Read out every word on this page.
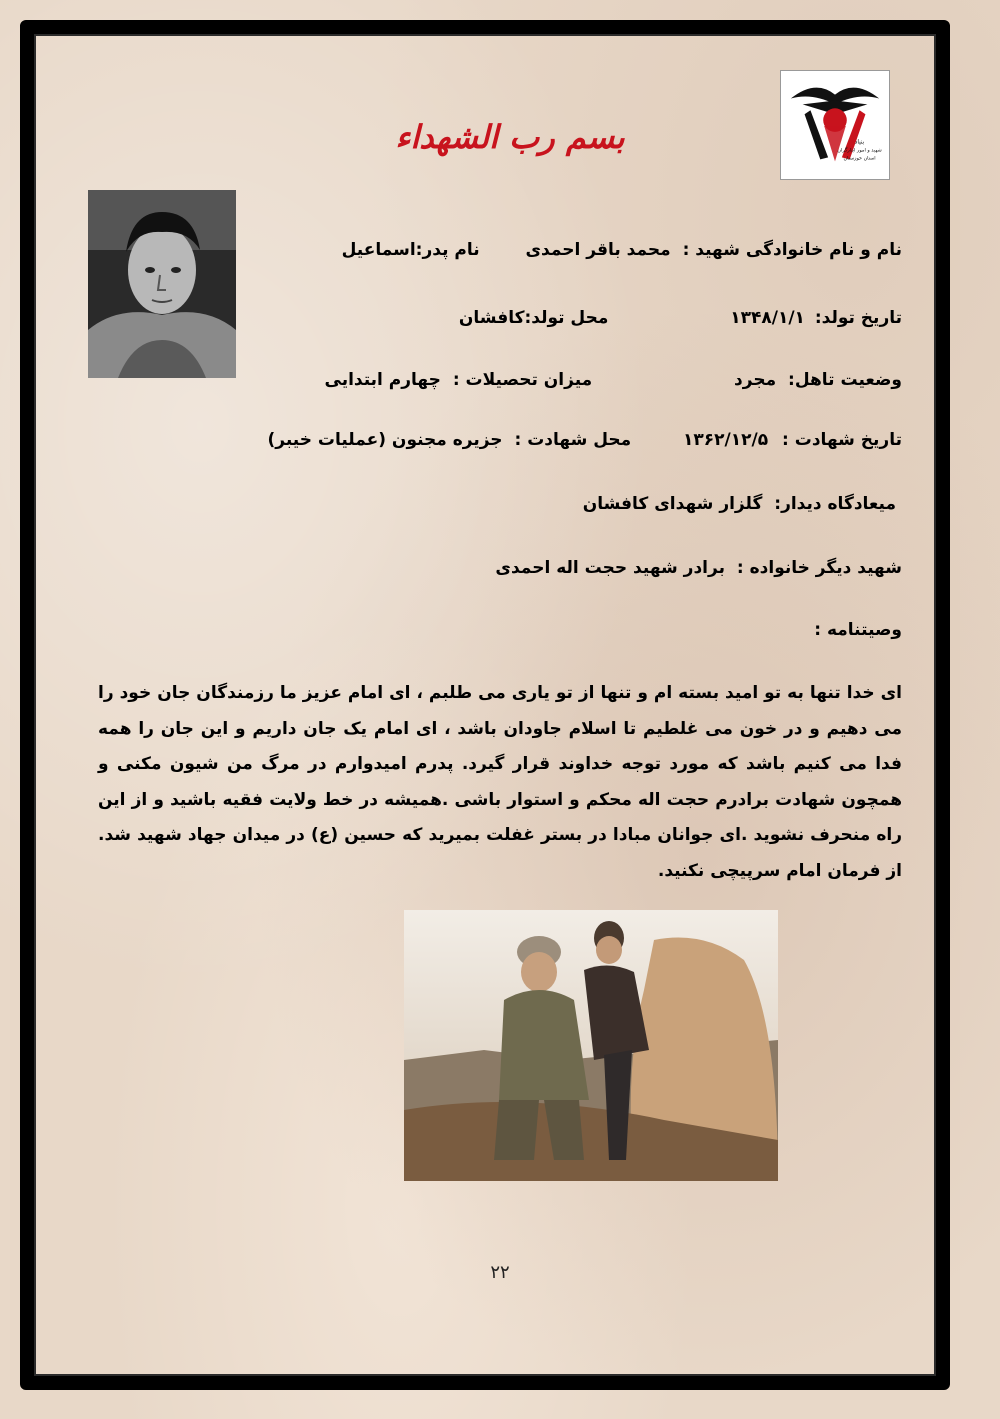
بسم رب الشهداء	بنیاد
شهید و امور ایثارگران
استان خوزستان
نام و نام خانوادگی شهید : محمد باقر احمدی  نام پدر:اسماعیل
تاریخ تولد: ۱۳۴۸/۱/۱  محل تولد:کافشان
وضعیت تاهل: مجرد  میزان تحصیلات : چهارم ابتدایی
تاریخ شهادت : ۱۳۶۲/۱۲/۵  محل شهادت : جزیره مجنون (عملیات خیبر)
میعادگاه دیدار: گلزار شهدای کافشان
شهید دیگر خانواده : برادر شهید حجت اله احمدی
وصیتنامه :
ای خدا تنها به تو امید بسته ام و تنها از تو یاری می طلبم ، ای امام عزیز ما رزمندگان جان خود را می دهیم و در خون می غلطیم تا اسلام جاودان باشد ، ای امام یک جان داریم و این جان را همه فدا می کنیم باشد که مورد توجه خداوند قرار گیرد. پدرم امیدوارم در مرگ من شیون مکنی و همچون شهادت برادرم حجت اله محکم و استوار باشی .همیشه در خط ولایت فقیه باشید و از این راه منحرف نشوید .ای جوانان مبادا در بستر غفلت بمیرید که حسین (ع) در میدان جهاد شهید شد. از فرمان امام سرپیچی نکنید.
۲۲
